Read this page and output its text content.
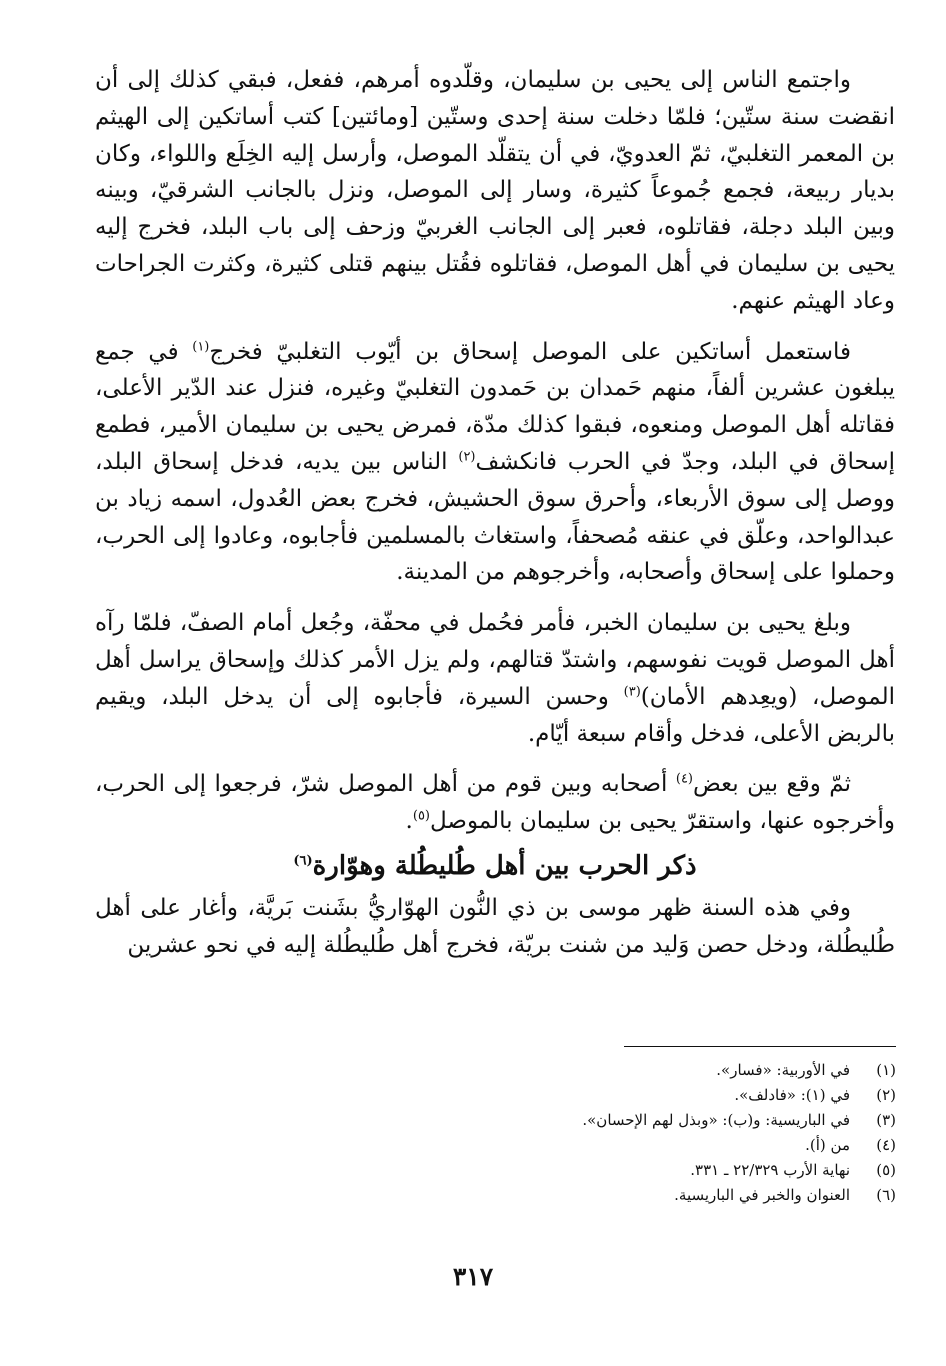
واجتمع الناس إلى يحيى بن سليمان، وقلّدوه أمرهم، ففعل، فبقي كذلك إلى أن انقضت سنة ستّين؛ فلمّا دخلت سنة إحدى وستّين [ومائتين] كتب أساتكين إلى الهيثم بن المعمر التغلبيّ، ثمّ العدويّ، في أن يتقلّد الموصل، وأرسل إليه الخِلَع واللواء، وكان بديار ربيعة، فجمع جُموعاً كثيرة، وسار إلى الموصل، ونزل بالجانب الشرقيّ، وبينه وبين البلد دجلة، فقاتلوه، فعبر إلى الجانب الغربيّ وزحف إلى باب البلد، فخرج إليه يحيى بن سليمان في أهل الموصل، فقاتلوه فقُتل بينهم قتلى كثيرة، وكثرت الجراحات وعاد الهيثم عنهم.

فاستعمل أساتكين على الموصل إسحاق بن أيّوب التغلبيّ فخرج$^{(١)}$ في جمع يبلغون عشرين ألفاً، منهم حَمدان بن حَمدون التغلبيّ وغيره، فنزل عند الدّير الأعلى، فقاتله أهل الموصل ومنعوه، فبقوا كذلك مدّة، فمرض يحيى بن سليمان الأمير، فطمع إسحاق في البلد، وجدّ في الحرب فانكشف$^{(٢)}$ الناس بين يديه، فدخل إسحاق البلد، ووصل إلى سوق الأربعاء، وأحرق سوق الحشيش، فخرج بعض العُدول، اسمه زياد بن عبدالواحد، وعلّق في عنقه مُصحفاً، واستغاث بالمسلمين فأجابوه، وعادوا إلى الحرب، وحملوا على إسحاق وأصحابه، وأخرجوهم من المدينة.

وبلغ يحيى بن سليمان الخبر، فأمر فحُمل في محفّة، وجُعل أمام الصفّ، فلمّا رآه أهل الموصل قويت نفوسهم، واشتدّ قتالهم، ولم يزل الأمر كذلك وإسحاق يراسل أهل الموصل، (ويعِدهم الأمان)$^{(٣)}$ وحسن السيرة، فأجابوه إلى أن يدخل البلد، ويقيم بالربض الأعلى، فدخل وأقام سبعة أيّام.

ثمّ وقع بين بعض$^{(٤)}$ أصحابه وبين قوم من أهل الموصل شرّ، فرجعوا إلى الحرب، وأخرجوه عنها، واستقرّ يحيى بن سليمان بالموصل$^{(٥)}$.

ذكر الحرب بين أهل طُليطُلة وهوّارة$^{(٦)}$

وفي هذه السنة ظهر موسى بن ذي النُّون الهوّاريُّ بشَنت بَريَّة، وأغار على أهل طُليطُلة، ودخل حصن وَليد من شنت بريّة، فخرج أهل طُليطُلة إليه في نحو عشرين

(١)
في الأوربية: «فسار».
(٢)
في (١): «فادلف».
(٣)
في الباريسية: و(ب): «وبذل لهم الإحسان».
(٤)
من (أ).
(٥)
نهاية الأرب ٢٢/٣٢٩ ـ ٣٣١.
(٦)
العنوان والخبر في الباريسية.
٣١٧
